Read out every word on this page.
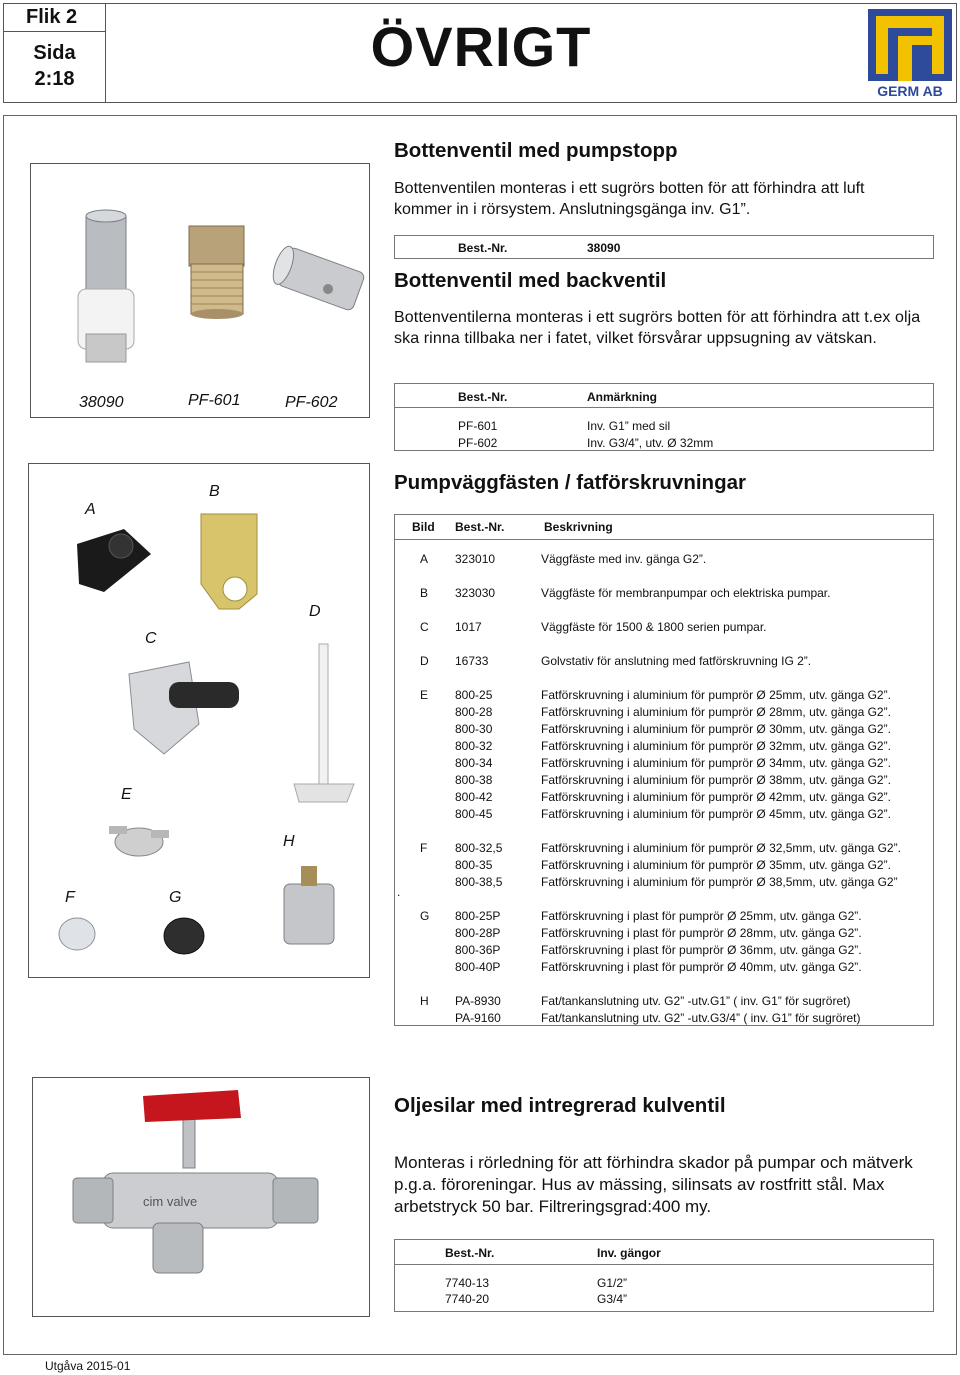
Flik 2
Sida
2:18
ÖVRIGT
GERM AB
38090	PF-601	PF-602
A
B
C
D
E
F	G
H
cim valve
Bottenventil med pumpstopp
Bottenventilen monteras i ett sugrörs botten för att förhindra att luft kommer in i rörsystem. Anslutningsgänga inv. G1”.
Best.-Nr.	38090
Bottenventil med backventil
Bottenventilerna monteras i ett sugrörs botten för att förhindra att t.ex olja ska rinna tillbaka ner i fatet, vilket försvårar uppsugning av vätskan.
Best.-Nr.	Anmärkning
PF-601	Inv. G1” med sil
PF-602	Inv. G3/4”, utv. Ø 32mm
Pumpväggfästen / fatförskruvningar
Bild Best.-Nr.	Beskrivning
A 323010	Väggfäste med inv. gänga G2”.
B 323030	Väggfäste för membranpumpar och elektriska pumpar.
C 1017	Väggfäste för 1500 & 1800 serien pumpar.
D 16733	Golvstativ för anslutning med fatförskruvning IG 2”.
E 800-25	Fatförskruvning i aluminium för pumprör Ø 25mm, utv. gänga G2”.
800-28	Fatförskruvning i aluminium för pumprör Ø 28mm, utv. gänga G2”.
800-30	Fatförskruvning i aluminium för pumprör Ø 30mm, utv. gänga G2”.
800-32	Fatförskruvning i aluminium för pumprör Ø 32mm, utv. gänga G2”.
800-34	Fatförskruvning i aluminium för pumprör Ø 34mm, utv. gänga G2”.
800-38	Fatförskruvning i aluminium för pumprör Ø 38mm, utv. gänga G2”.
800-42	Fatförskruvning i aluminium för pumprör Ø 42mm, utv. gänga G2”.
800-45	Fatförskruvning i aluminium för pumprör Ø 45mm, utv. gänga G2”.
F 800-32,5	Fatförskruvning i aluminium för pumprör Ø 32,5mm, utv. gänga G2”.
800-35	Fatförskruvning i aluminium för pumprör Ø 35mm, utv. gänga G2”.
800-38,5	Fatförskruvning i aluminium för pumprör Ø 38,5mm, utv. gänga G2”
G 800-25P	Fatförskruvning i plast för pumprör Ø 25mm, utv. gänga G2”.
800-28P	Fatförskruvning i plast för pumprör Ø 28mm, utv. gänga G2”.
800-36P	Fatförskruvning i plast för pumprör Ø 36mm, utv. gänga G2”.
800-40P	Fatförskruvning i plast för pumprör Ø 40mm, utv. gänga G2”.
H PA-8930	Fat/tankanslutning utv. G2” -utv.G1” ( inv. G1” för sugröret)
PA-9160	Fat/tankanslutning utv. G2” -utv.G3/4” ( inv. G1” för sugröret)
.
Oljesilar med intregrerad kulventil
Monteras i rörledning för att förhindra skador på pumpar och mätverk p.g.a. föroreningar. Hus av mässing, silinsats av rostfritt stål. Max arbetstryck 50 bar. Filtreringsgrad:400 my.
Best.-Nr.	Inv. gängor
7740-13	G1/2”
7740-20	G3/4”
Utgåva 2015-01
